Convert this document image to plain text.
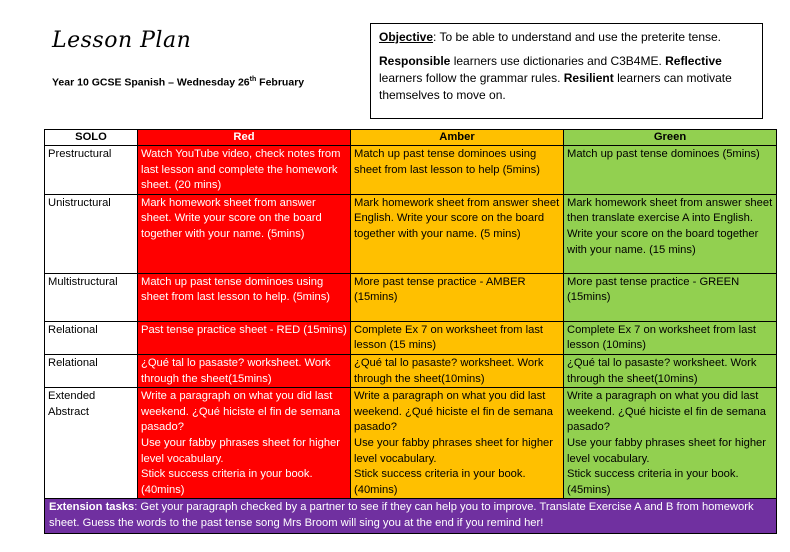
Lesson Plan
Year 10 GCSE Spanish – Wednesday 26th February

Objective: To be able to understand and use the preterite tense.

Responsible learners use dictionaries and C3B4ME. Reflective learners follow the grammar rules. Resilient learners can motivate themselves to move on.

SOLO	Red	Amber	Green
Prestructural	Watch YouTube video, check notes from last lesson and complete the homework sheet. (20 mins)	Match up past tense dominoes using sheet from last lesson to help (5mins)	Match up past tense dominoes (5mins)
Unistructural	Mark homework sheet from answer sheet. Write your score on the board together with your name. (5mins)	Mark homework sheet from answer sheet English. Write your score on the board together with your name. (5 mins)	Mark homework sheet from answer sheet then translate exercise A into English. Write your score on the board together with your name. (15 mins)
Multistructural	Match up past tense dominoes using sheet from last lesson to help. (5mins)	More past tense practice - AMBER (15mins)	More past tense practice - GREEN (15mins)
Relational	Past tense practice sheet - RED (15mins)	Complete Ex 7 on worksheet from last lesson (15 mins)	Complete Ex 7 on worksheet from last lesson (10mins)
Relational	¿Qué tal lo pasaste? worksheet. Work through the sheet(15mins)	¿Qué tal lo pasaste? worksheet. Work through the sheet(10mins)	¿Qué tal lo pasaste? worksheet. Work through the sheet(10mins)
Extended Abstract	Write a paragraph on what you did last weekend. ¿Qué hiciste el fin de semana pasado?
Use your fabby phrases sheet for higher level vocabulary.
Stick success criteria in your book.
(40mins)	Write a paragraph on what you did last weekend. ¿Qué hiciste el fin de semana pasado?
Use your fabby phrases sheet for higher level vocabulary.
Stick success criteria in your book.
(40mins)	Write a paragraph on what you did last weekend. ¿Qué hiciste el fin de semana pasado?
Use your fabby phrases sheet for higher level vocabulary.
Stick success criteria in your book.
(45mins)
Extension tasks: Get your paragraph checked by a partner to see if they can help you to improve. Translate Exercise A and B from homework sheet. Guess the words to the past tense song Mrs Broom will sing you at the end if you remind her!			
